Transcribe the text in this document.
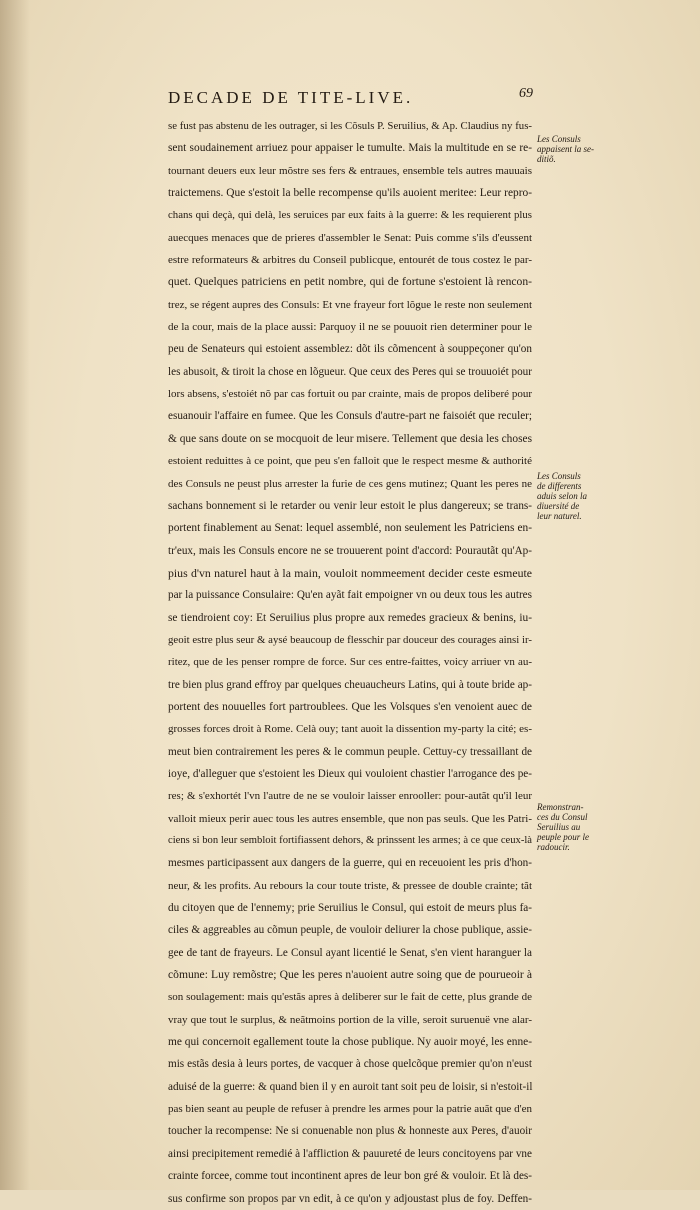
DECADE DE TITE-LIVE.	69
se fust pas abstenu de les outrager, si les Cõsuls P. Seruilius, & Ap. Claudius ny fus-
sent soudainement arriuez pour appaiser le tumulte. Mais la multitude en se re-
tournant deuers eux leur mõstre ses fers & entraues, ensemble tels autres mauuais
traictemens. Que s'estoit la belle recompense qu'ils auoient meritee: Leur repro-
chans qui deçà, qui delà, les seruices par eux faits à la guerre: & les requierent plus
auecques menaces que de prieres d'assembler le Senat: Puis comme s'ils d'eussent
estre reformateurs & arbitres du Conseil publicque, entourét de tous costez le par-
quet. Quelques patriciens en petit nombre, qui de fortune s'estoient là rencon-
trez, se régent aupres des Consuls: Et vne frayeur fort lõgue le reste non seulement
de la cour, mais de la place aussi: Parquoy il ne se pouuoit rien determiner pour le
peu de Senateurs qui estoient assemblez: dõt ils cõmencent à souppeçoner qu'on
les abusoit, & tiroit la chose en lõgueur. Que ceux des Peres qui se trouuoiét pour
lors absens, s'estoiét nõ par cas fortuit ou par crainte, mais de propos deliberé pour
esuanouir l'affaire en fumee. Que les Consuls d'autre-part ne faisoiét que reculer;
& que sans doute on se mocquoit de leur misere. Tellement que desia les choses
estoient reduittes à ce point, que peu s'en falloit que le respect mesme & authorité
des Consuls ne peust plus arrester la furie de ces gens mutinez; Quant les peres ne
sachans bonnement si le retarder ou venir leur estoit le plus dangereux; se trans-
portent finablement au Senat: lequel assemblé, non seulement les Patriciens en-
tr'eux, mais les Consuls encore ne se trouuerent point d'accord: Pourautãt qu'Ap-
pius d'vn naturel haut à la main, vouloit nommeement decider ceste esmeute
par la puissance Consulaire: Qu'en ayãt fait empoigner vn ou deux tous les autres
se tiendroient coy: Et Seruilius plus propre aux remedes gracieux & benins, iu-
geoit estre plus seur & aysé beaucoup de flesschir par douceur des courages ainsi ir-
ritez, que de les penser rompre de force. Sur ces entre-faittes, voicy arriuer vn au-
tre bien plus grand effroy par quelques cheuaucheurs Latins, qui à toute bride ap-
portent des nouuelles fort partroublees. Que les Volsques s'en venoient auec de
grosses forces droit à Rome. Celà ouy; tant auoit la dissention my-party la cité; es-
meut bien contrairement les peres & le commun peuple. Cettuy-cy tressaillant de
ioye, d'alleguer que s'estoient les Dieux qui vouloient chastier l'arrogance des pe-
res; & s'exhortét l'vn l'autre de ne se vouloir laisser enrooller: pour-autãt qu'il leur
valloit mieux perir auec tous les autres ensemble, que non pas seuls. Que les Patri-
ciens si bon leur sembloit fortifiassent dehors, & prinssent les armes; à ce que ceux-là
mesmes participassent aux dangers de la guerre, qui en receuoient les pris d'hon-
neur, & les profits. Au rebours la cour toute triste, & pressee de double crainte; tãt
du citoyen que de l'ennemy; prie Seruilius le Consul, qui estoit de meurs plus fa-
ciles & aggreables au cõmun peuple, de vouloir deliurer la chose publique, assie-
gee de tant de frayeurs. Le Consul ayant licentié le Senat, s'en vient haranguer la
cõmune: Luy remõstre; Que les peres n'auoient autre soing que de pourueoir à
son soulagement: mais qu'estãs apres à deliberer sur le fait de cette, plus grande de
vray que tout le surplus, & neãtmoins portion de la ville, seroit suruenuë vne alar-
me qui concernoit egallement toute la chose publique. Ny auoir moyé, les enne-
mis estãs desia à leurs portes, de vacquer à chose quelcõque premier qu'on n'eust
aduisé de la guerre: & quand bien il y en auroit tant soit peu de loisir, si n'estoit-il
pas bien seant au peuple de refuser à prendre les armes pour la patrie auãt que d'en
toucher la recompense: Ne si conuenable non plus & honneste aux Peres, d'auoir
ainsi precipitement remedié à l'affliction & pauureté de leurs concitoyens par vne
crainte forcee, comme tout incontinent apres de leur bon gré & vouloir. Et là des-
sus confirme son propos par vn edit, à ce qu'on y adjoustast plus de foy. Deffen-
Les Consuls
appaisent la se-
ditiõ.
Les Consuls
de differents
aduis selon la
diuersité de
leur naturel.
Remonstran-
ces du Consul
Seruilius au
peuple pour le
radoucir.
